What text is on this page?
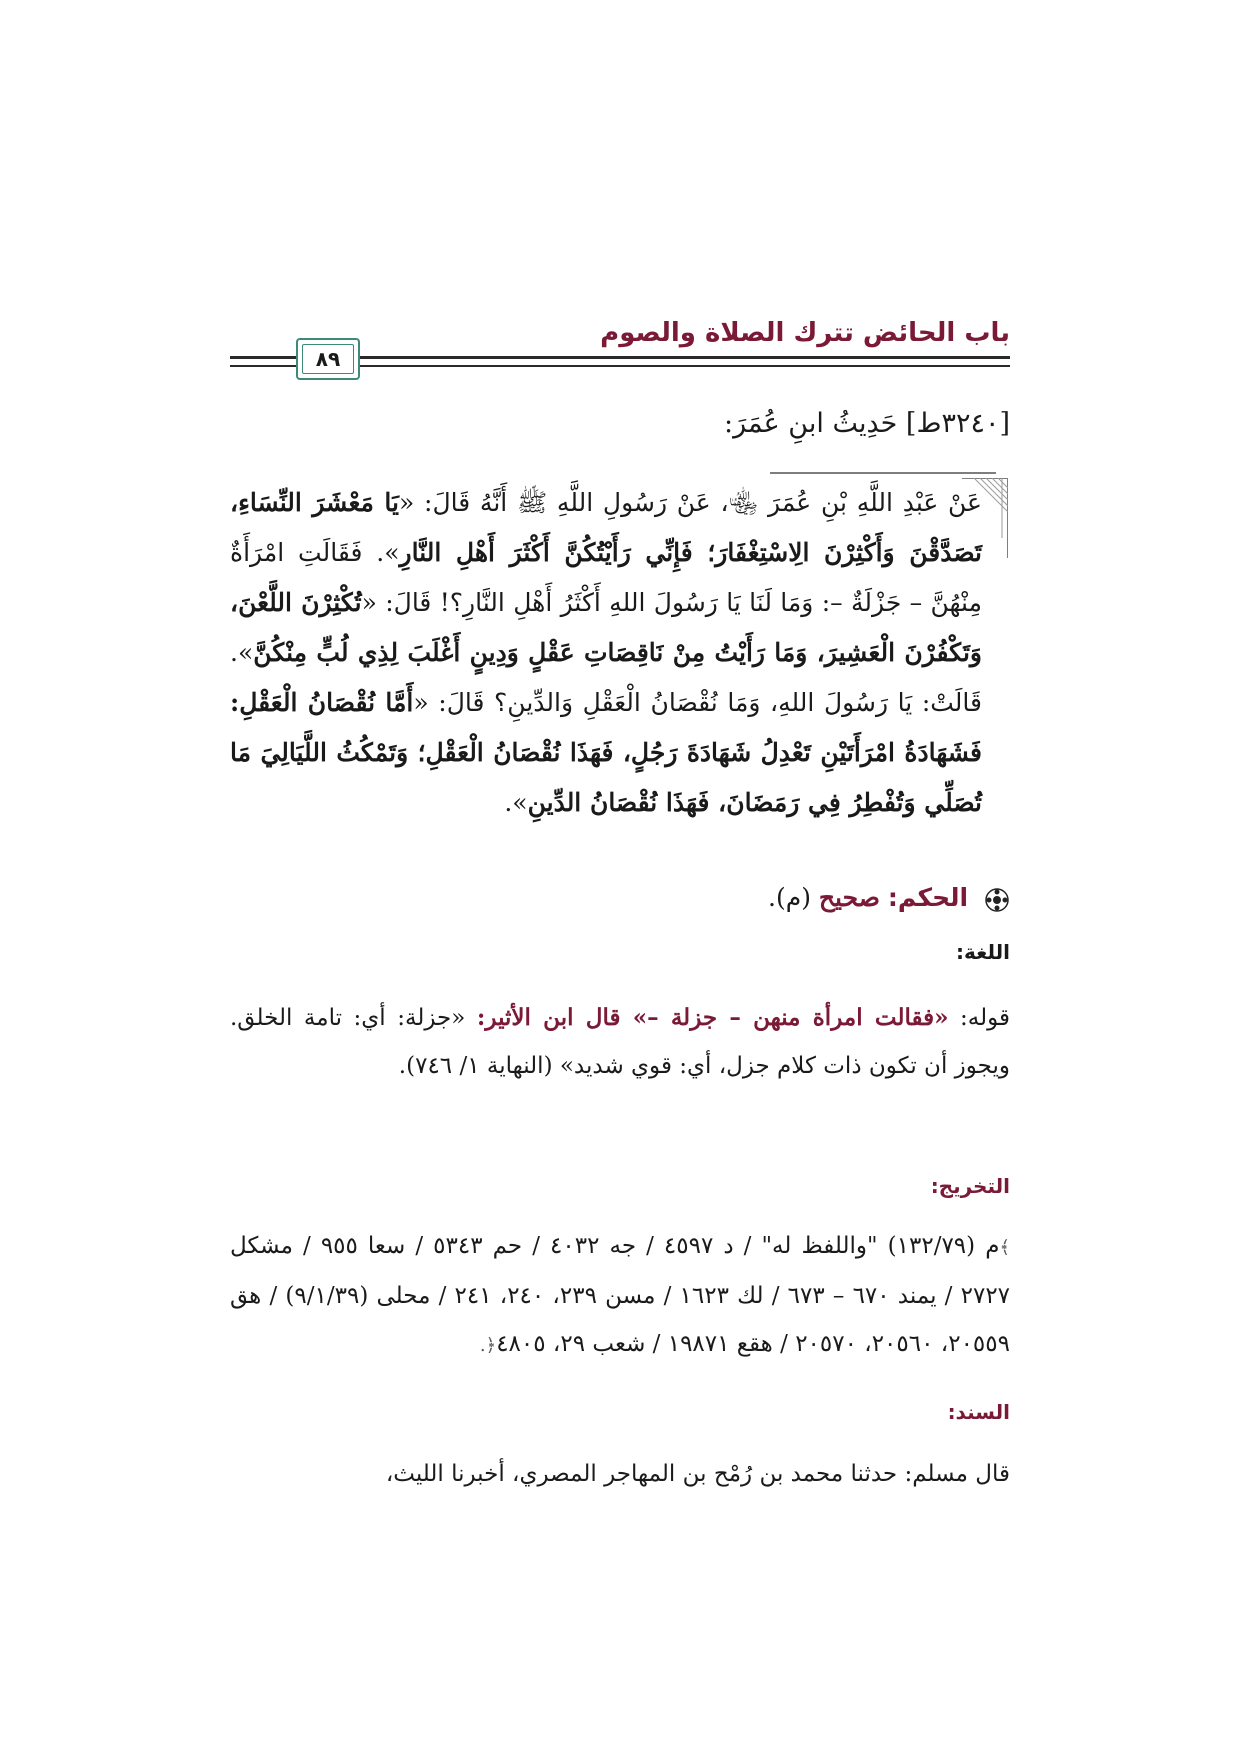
باب الحائض تترك الصلاة والصوم
٨٩
[٣٢٤٠ط] حَدِيثُ ابنِ عُمَرَ:

عَنْ عَبْدِ اللَّهِ بْنِ عُمَرَ ﵄، عَنْ رَسُولِ اللَّهِ ﷺ أَنَّهُ قَالَ: «يَا مَعْشَرَ النِّسَاءِ، تَصَدَّقْنَ وَأَكْثِرْنَ الِاسْتِغْفَارَ؛ فَإِنِّي رَأَيْتُكُنَّ أَكْثَرَ أَهْلِ النَّارِ». فَقَالَتِ امْرَأَةٌ مِنْهُنَّ – جَزْلَةٌ –: وَمَا لَنَا يَا رَسُولَ اللهِ أَكْثَرُ أَهْلِ النَّارِ؟! قَالَ: «تُكْثِرْنَ اللَّعْنَ، وَتَكْفُرْنَ الْعَشِيرَ، وَمَا رَأَيْتُ مِنْ نَاقِصَاتِ عَقْلٍ وَدِينٍ أَغْلَبَ لِذِي لُبٍّ مِنْكُنَّ». قَالَتْ: يَا رَسُولَ اللهِ، وَمَا نُقْصَانُ الْعَقْلِ وَالدِّينِ؟ قَالَ: «أَمَّا نُقْصَانُ الْعَقْلِ: فَشَهَادَةُ امْرَأَتَيْنِ تَعْدِلُ شَهَادَةَ رَجُلٍ، فَهَذَا نُقْصَانُ الْعَقْلِ؛ وَتَمْكُثُ اللَّيَالِيَ مَا تُصَلِّي وَتُفْطِرُ فِي رَمَضَانَ، فَهَذَا نُقْصَانُ الدِّينِ».

الحكم: صحيح (م).
اللغة:
قوله: «فقالت امرأة منهن – جزلة –» قال ابن الأثير: «جزلة: أي: تامة الخلق. ويجوز أن تكون ذات كلام جزل، أي: قوي شديد» (النهاية ١/ ٧٤٦).
التخريج:
﴾م (١٣٢/٧٩) "واللفظ له" / د ٤٥٩٧ / جه ٤٠٣٢ / حم ٥٣٤٣ / سعا ٩٥٥ / مشكل ٢٧٢٧ / يمند ٦٧٠ – ٦٧٣ / لك ١٦٢٣ / مسن ٢٣٩، ٢٤٠، ٢٤١ / محلى (٩/١/٣٩) / هق ٢٠٥٥٩، ٢٠٥٦٠، ٢٠٥٧٠ / هقع ١٩٨٧١ / شعب ٢٩، ٤٨٠٥﴿.
السند:
قال مسلم: حدثنا محمد بن رُمْح بن المهاجر المصري، أخبرنا الليث،
